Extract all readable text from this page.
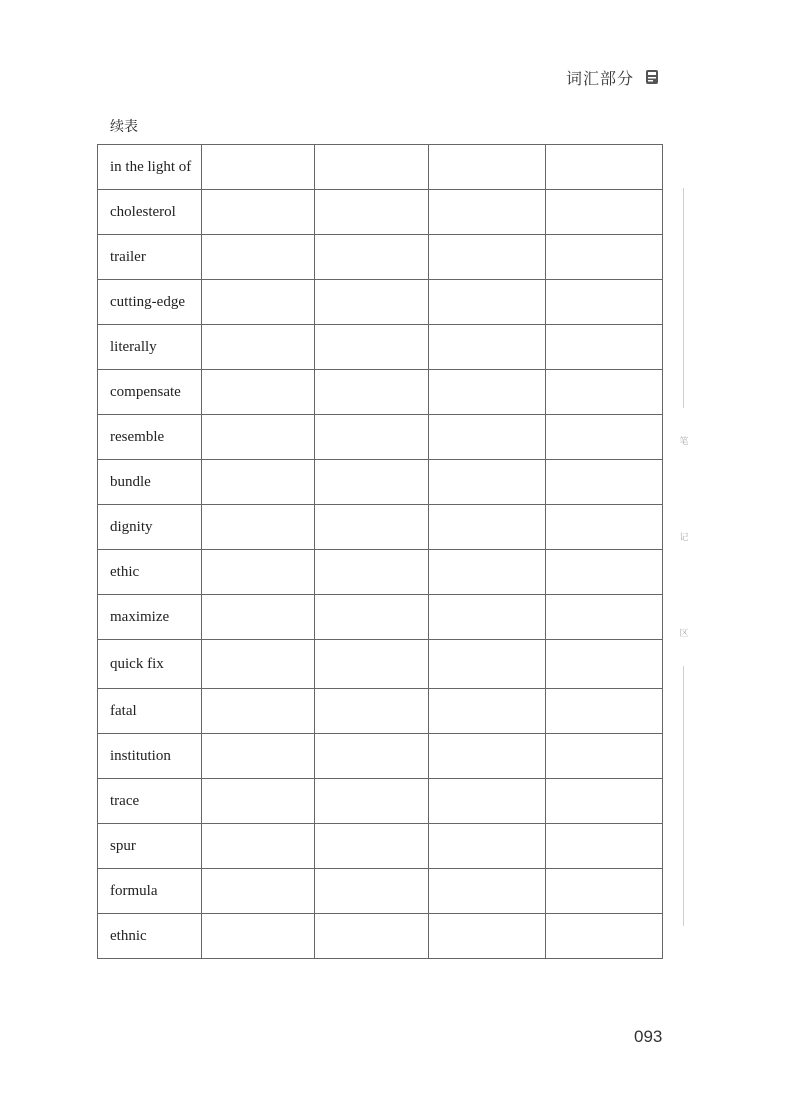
词汇部分
续表
in the light of				
cholesterol				
trailer				
cutting-edge				
literally				
compensate				
resemble				
bundle				
dignity				
ethic				
maximize				
quick fix				
fatal				
institution				
trace				
spur				
formula				
ethnic				
笔
记
区
093
